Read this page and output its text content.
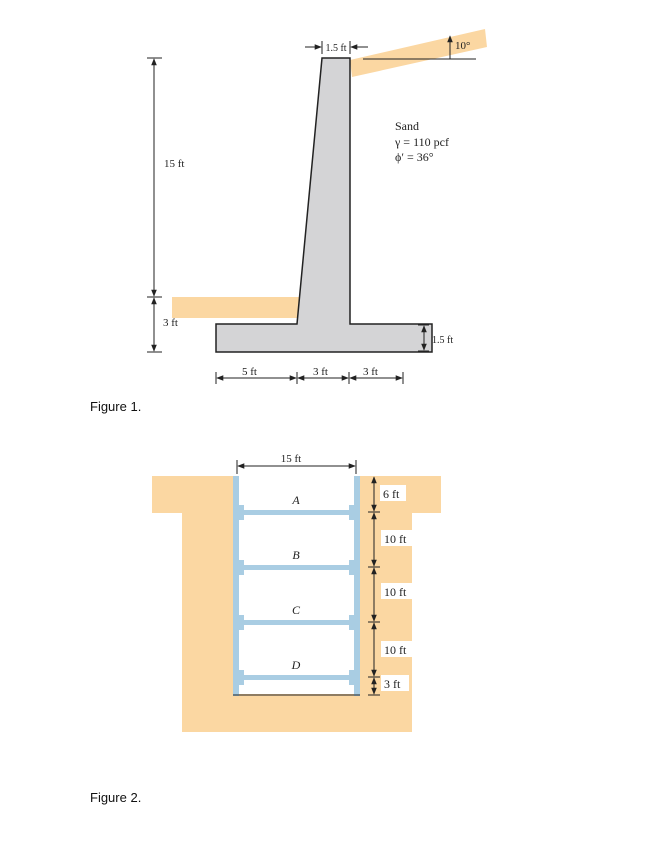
15 ft
3 ft
1.5 ft	10°
Sand
γ = 110 pcf
ϕ′ = 36°
1.5 ft
5 ft	3 ft	3 ft
A
B
C
D
15 ft
6 ft
10 ft
10 ft
10 ft
3 ft
Figure 1.
Figure 2.
